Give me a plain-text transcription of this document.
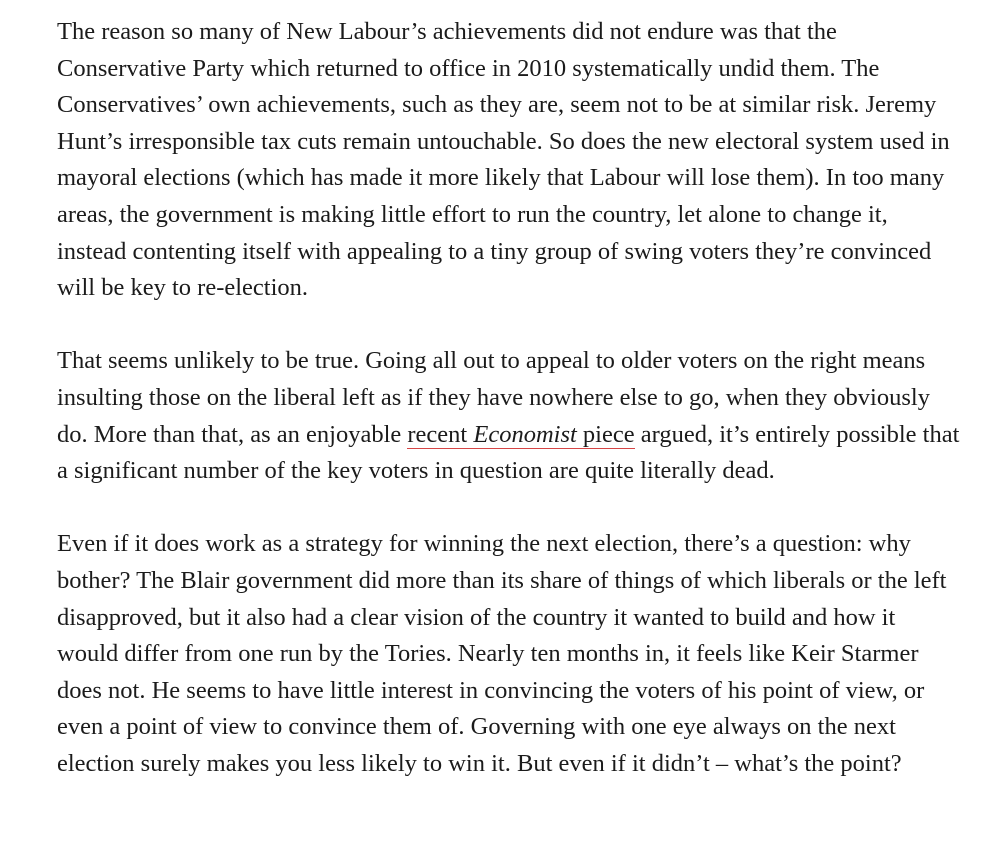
The reason so many of New Labour’s achievements did not endure was that the Conservative Party which returned to office in 2010 systematically undid them. The Conservatives’ own achievements, such as they are, seem not to be at similar risk. Jeremy Hunt’s irresponsible tax cuts remain untouchable. So does the new electoral system used in mayoral elections (which has made it more likely that Labour will lose them). In too many areas, the government is making little effort to run the country, let alone to change it, instead contenting itself with appealing to a tiny group of swing voters they’re convinced will be key to re-election.

That seems unlikely to be true. Going all out to appeal to older voters on the right means insulting those on the liberal left as if they have nowhere else to go, when they obviously do. More than that, as an enjoyable recent Economist piece argued, it’s entirely possible that a significant number of the key voters in question are quite literally dead.

Even if it does work as a strategy for winning the next election, there’s a question: why bother? The Blair government did more than its share of things of which liberals or the left disapproved, but it also had a clear vision of the country it wanted to build and how it would differ from one run by the Tories. Nearly ten months in, it feels like Keir Starmer does not. He seems to have little interest in convincing the voters of his point of view, or even a point of view to convince them of. Governing with one eye always on the next election surely makes you less likely to win it. But even if it didn’t – what’s the point?
